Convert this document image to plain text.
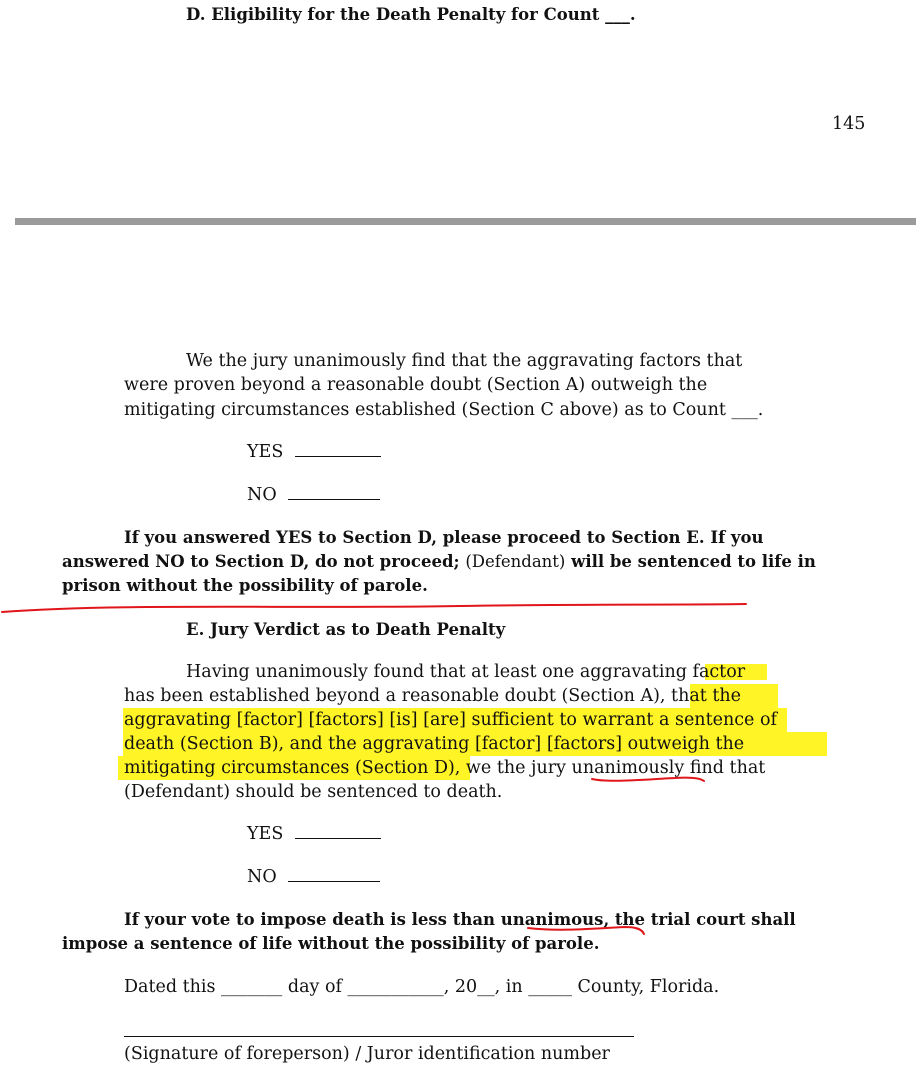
D. Eligibility for the Death Penalty for Count ___.
145
We the jury unanimously find that the aggravating factors that
were proven beyond a reasonable doubt (Section A) outweigh the
mitigating circumstances established (Section C above) as to Count ___.
YES
NO
If you answered YES to Section D, please proceed to Section E. If you
answered NO to Section D, do not proceed; (Defendant) will be sentenced to life in
prison without the possibility of parole.
E. Jury Verdict as to Death Penalty
Having unanimously found that at least one aggravating factor
has been established beyond a reasonable doubt (Section A), that the
aggravating [factor] [factors] [is] [are] sufficient to warrant a sentence of
death (Section B), and the aggravating [factor] [factors] outweigh the
mitigating circumstances (Section D), we the jury unanimously find that
(Defendant) should be sentenced to death.
YES
NO
If your vote to impose death is less than unanimous, the trial court shall
impose a sentence of life without the possibility of parole.
Dated this _______ day of ___________, 20__, in _____ County, Florida.
(Signature of foreperson) / Juror identification number
